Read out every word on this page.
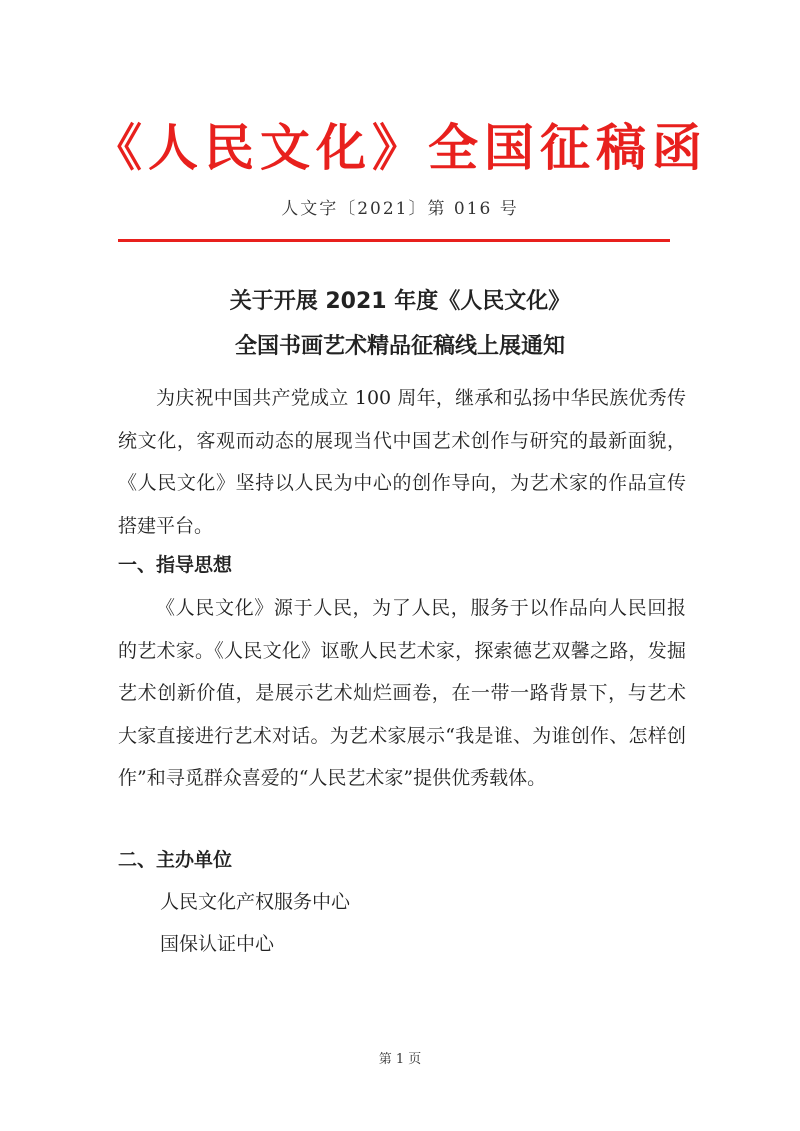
《人民文化》全国征稿函
人文字〔2021〕第 016 号
关于开展 2021 年度《人民文化》
全国书画艺术精品征稿线上展通知

为庆祝中国共产党成立 100 周年，继承和弘扬中华民族优秀传统文化，客观而动态的展现当代中国艺术创作与研究的最新面貌，《人民文化》坚持以人民为中心的创作导向，为艺术家的作品宣传搭建平台。

一、指导思想

《人民文化》源于人民，为了人民，服务于以作品向人民回报的艺术家。《人民文化》讴歌人民艺术家，探索德艺双馨之路，发掘艺术创新价值，是展示艺术灿烂画卷，在一带一路背景下，与艺术大家直接进行艺术对话。为艺术家展示“我是谁、为谁创作、怎样创作”和寻觅群众喜爱的“人民艺术家”提供优秀载体。

二、主办单位

人民文化产权服务中心

国保认证中心

第 1 页
